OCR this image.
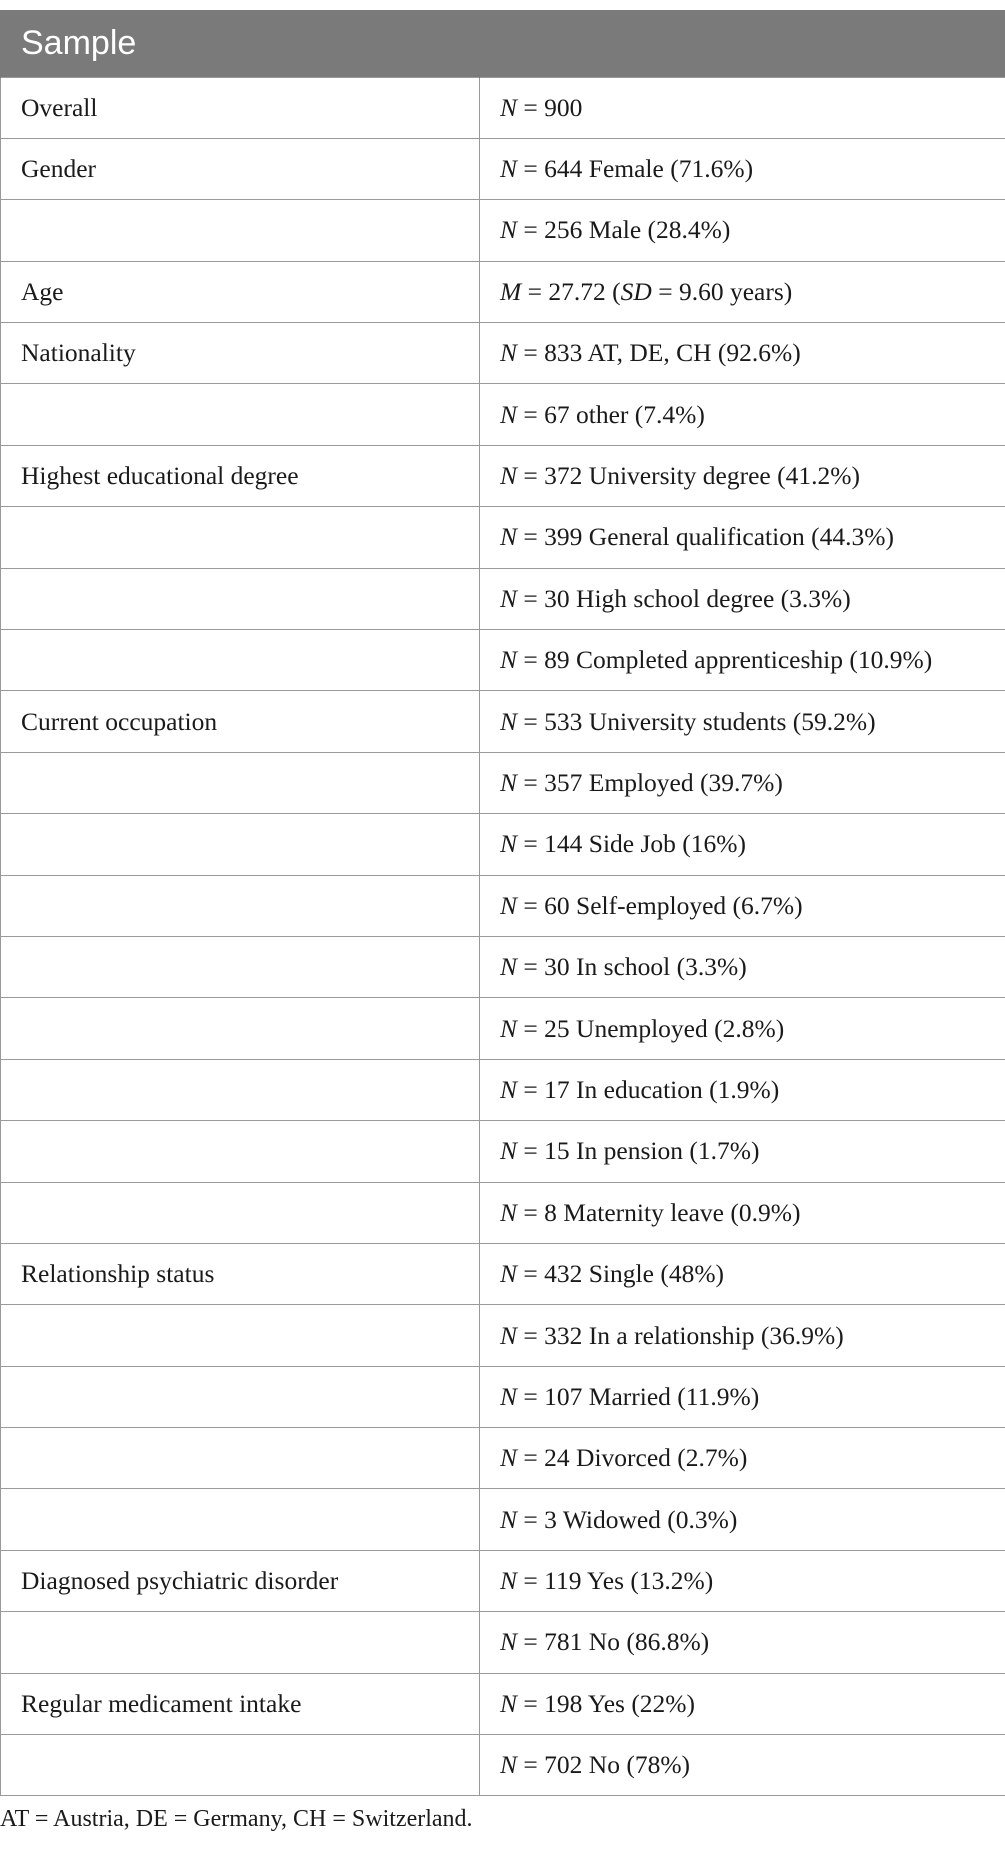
Sample	
Overall	N = 900
Gender	N = 644 Female (71.6%)
	N = 256 Male (28.4%)
Age	M = 27.72 (SD = 9.60 years)
Nationality	N = 833 AT, DE, CH (92.6%)
	N = 67 other (7.4%)
Highest educational degree	N = 372 University degree (41.2%)
	N = 399 General qualification (44.3%)
	N = 30 High school degree (3.3%)
	N = 89 Completed apprenticeship (10.9%)
Current occupation	N = 533 University students (59.2%)
	N = 357 Employed (39.7%)
	N = 144 Side Job (16%)
	N = 60 Self-employed (6.7%)
	N = 30 In school (3.3%)
	N = 25 Unemployed (2.8%)
	N = 17 In education (1.9%)
	N = 15 In pension (1.7%)
	N = 8 Maternity leave (0.9%)
Relationship status	N = 432 Single (48%)
	N = 332 In a relationship (36.9%)
	N = 107 Married (11.9%)
	N = 24 Divorced (2.7%)
	N = 3 Widowed (0.3%)
Diagnosed psychiatric disorder	N = 119 Yes (13.2%)
	N = 781 No (86.8%)
Regular medicament intake	N = 198 Yes (22%)
	N = 702 No (78%)
AT = Austria, DE = Germany, CH = Switzerland.
